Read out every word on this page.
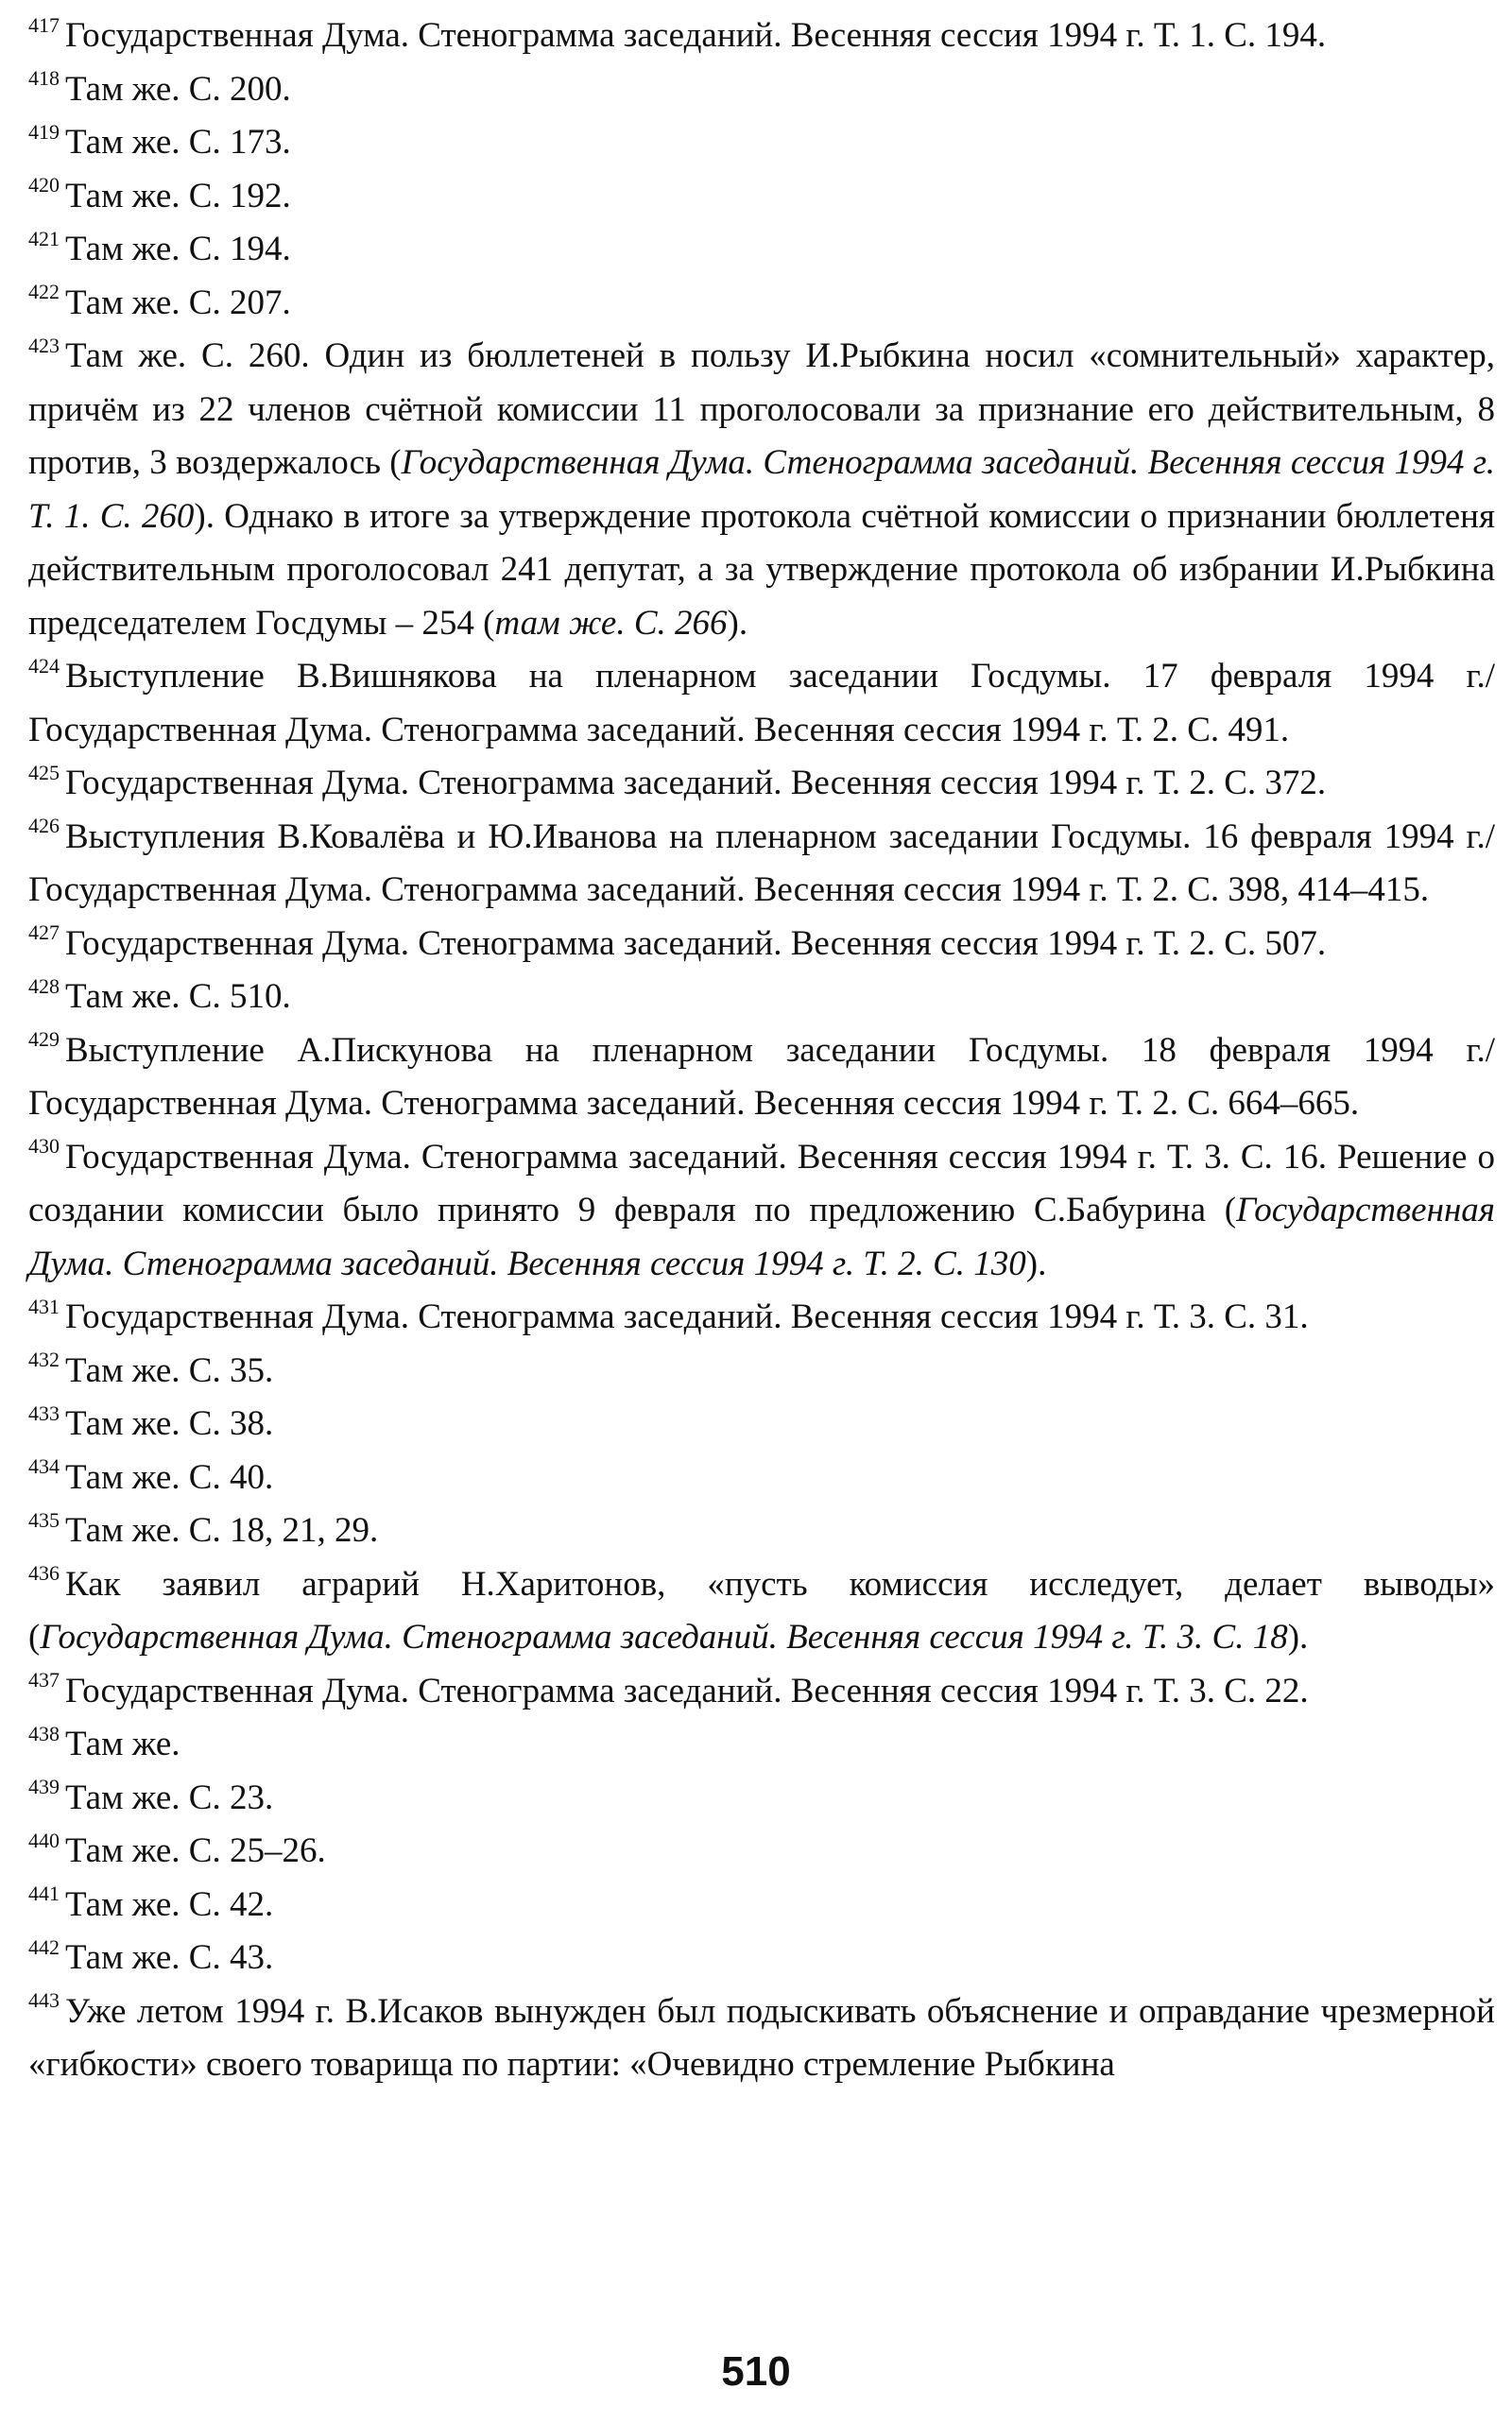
$^{417}$ Государственная Дума. Стенограмма заседаний. Весенняя сессия 1994 г. Т. 1. С. 194.

$^{418}$ Там же. С. 200.

$^{419}$ Там же. С. 173.

$^{420}$ Там же. С. 192.

$^{421}$ Там же. С. 194.

$^{422}$ Там же. С. 207.

$^{423}$ Там же. С. 260. Один из бюллетеней в пользу И.Рыбкина носил «сомнительный» характер, причём из 22 членов счётной комиссии 11 проголосовали за признание его действительным, 8 против, 3 воздержалось (Государственная Дума. Стенограмма заседаний. Весенняя сессия 1994 г. Т. 1. С. 260). Однако в итоге за утверждение протокола счётной комиссии о признании бюллетеня действительным проголосовал 241 депутат, а за утверждение протокола об избрании И.Рыбкина председателем Госдумы – 254 (там же. С. 266).

$^{424}$ Выступление В.Вишнякова на пленарном заседании Госдумы. 17 февраля 1994 г./Государственная Дума. Стенограмма заседаний. Весенняя сессия 1994 г. Т. 2. С. 491.

$^{425}$ Государственная Дума. Стенограмма заседаний. Весенняя сессия 1994 г. Т. 2. С. 372.

$^{426}$ Выступления В.Ковалёва и Ю.Иванова на пленарном заседании Госдумы. 16 февраля 1994 г./Государственная Дума. Стенограмма заседаний. Весенняя сессия 1994 г. Т. 2. С. 398, 414–415.

$^{427}$ Государственная Дума. Стенограмма заседаний. Весенняя сессия 1994 г. Т. 2. С. 507.

$^{428}$ Там же. С. 510.

$^{429}$ Выступление А.Пискунова на пленарном заседании Госдумы. 18 февраля 1994 г./Государственная Дума. Стенограмма заседаний. Весенняя сессия 1994 г. Т. 2. С. 664–665.

$^{430}$ Государственная Дума. Стенограмма заседаний. Весенняя сессия 1994 г. Т. 3. С. 16. Решение о создании комиссии было принято 9 февраля по предложению С.Бабурина (Государственная Дума. Стенограмма заседаний. Весенняя сессия 1994 г. Т. 2. С. 130).

$^{431}$ Государственная Дума. Стенограмма заседаний. Весенняя сессия 1994 г. Т. 3. С. 31.

$^{432}$ Там же. С. 35.

$^{433}$ Там же. С. 38.

$^{434}$ Там же. С. 40.

$^{435}$ Там же. С. 18, 21, 29.

$^{436}$ Как заявил аграрий Н.Харитонов, «пусть комиссия исследует, делает выводы» (Государственная Дума. Стенограмма заседаний. Весенняя сессия 1994 г. Т. 3. С. 18).

$^{437}$ Государственная Дума. Стенограмма заседаний. Весенняя сессия 1994 г. Т. 3. С. 22.

$^{438}$ Там же.

$^{439}$ Там же. С. 23.

$^{440}$ Там же. С. 25–26.

$^{441}$ Там же. С. 42.

$^{442}$ Там же. С. 43.

$^{443}$ Уже летом 1994 г. В.Исаков вынужден был подыскивать объяснение и оправдание чрезмерной «гибкости» своего товарища по партии: «Очевидно стремление Рыбкина

510
